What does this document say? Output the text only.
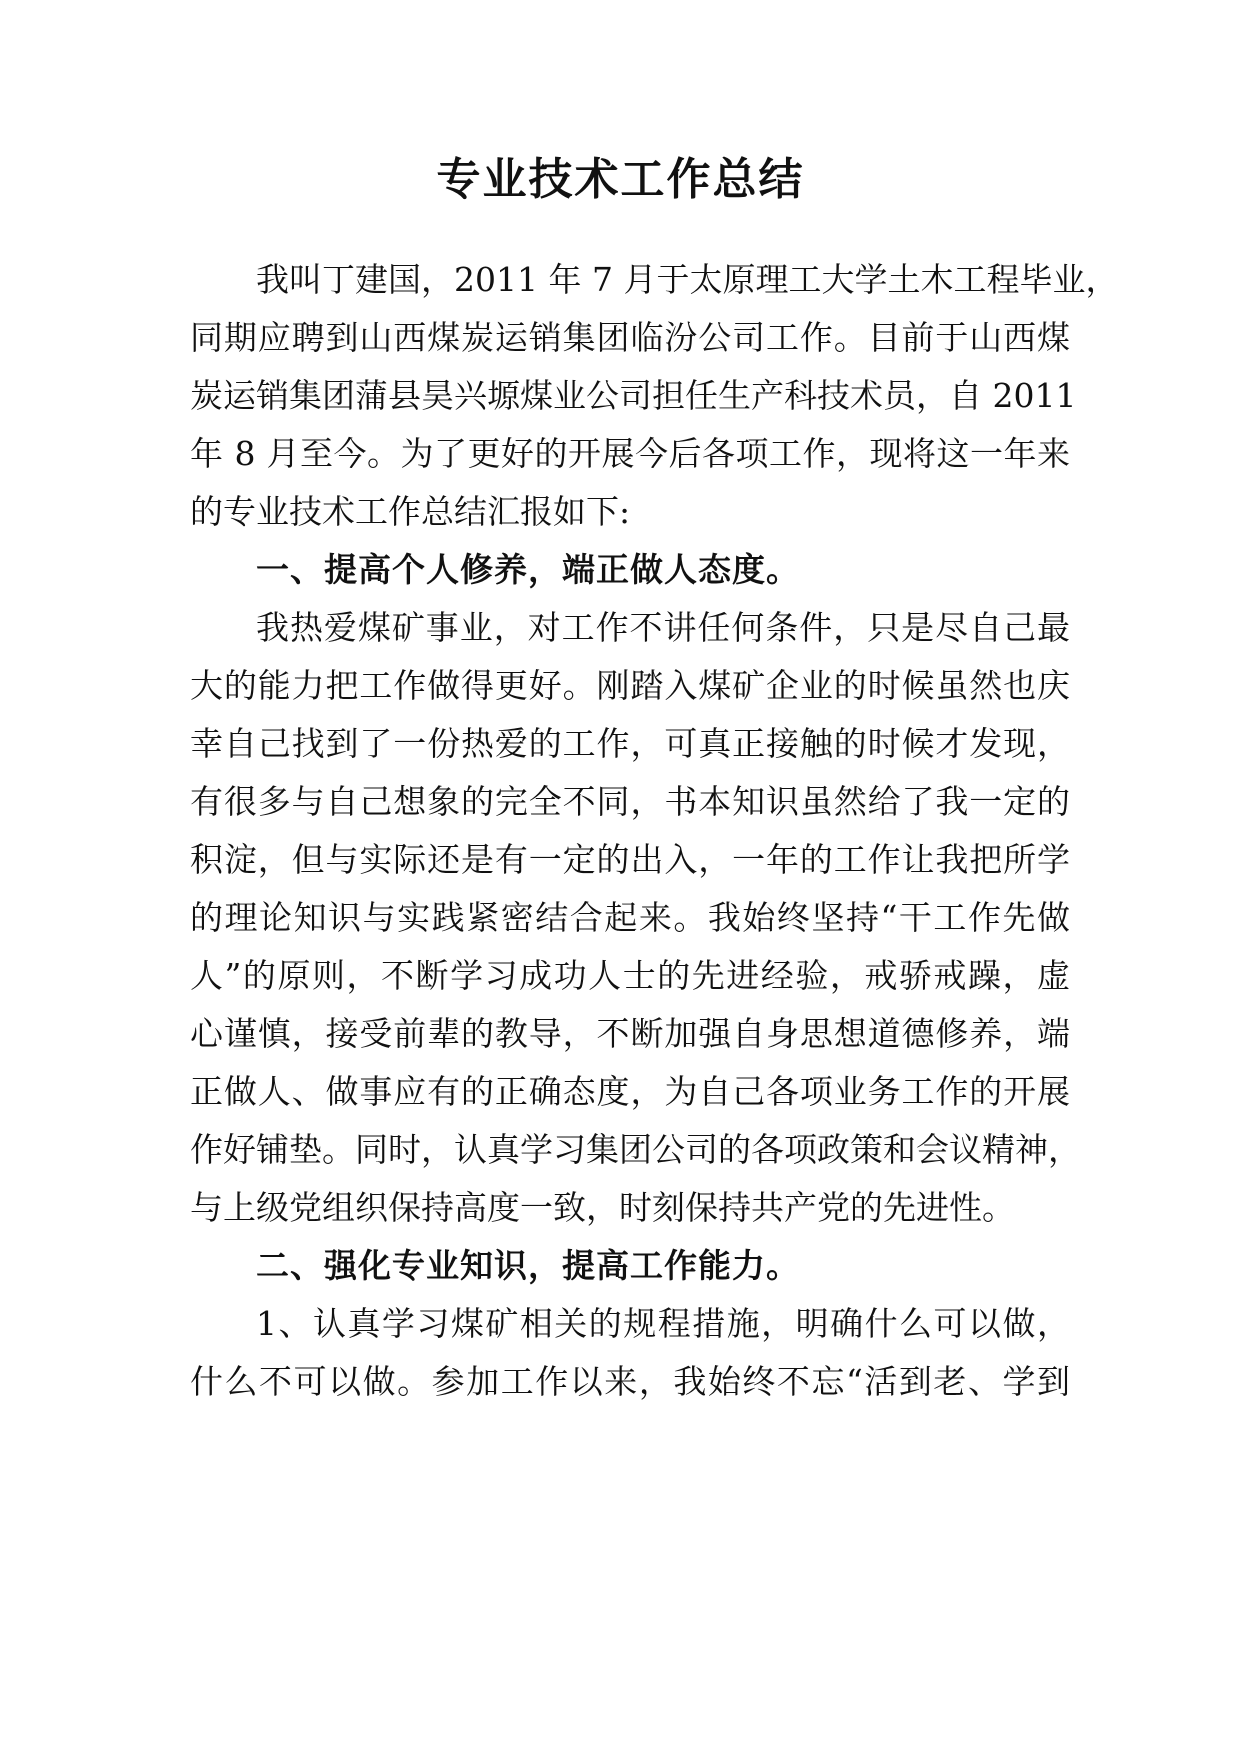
专业技术工作总结
我叫丁建国，2011 年 7 月于太原理工大学土木工程毕业，
同期应聘到山西煤炭运销集团临汾公司工作。目前于山西煤
炭运销集团蒲县昊兴塬煤业公司担任生产科技术员，自 2011
年 8 月至今。为了更好的开展今后各项工作，现将这一年来
的专业技术工作总结汇报如下:
一、提高个人修养，端正做人态度。
我热爱煤矿事业，对工作不讲任何条件，只是尽自己最
大的能力把工作做得更好。刚踏入煤矿企业的时候虽然也庆
幸自己找到了一份热爱的工作，可真正接触的时候才发现，
有很多与自己想象的完全不同，书本知识虽然给了我一定的
积淀，但与实际还是有一定的出入，一年的工作让我把所学
的理论知识与实践紧密结合起来。我始终坚持“干工作先做
人”的原则，不断学习成功人士的先进经验，戒骄戒躁，虚
心谨慎，接受前辈的教导，不断加强自身思想道德修养，端
正做人、做事应有的正确态度，为自己各项业务工作的开展
作好铺垫。同时，认真学习集团公司的各项政策和会议精神，
与上级党组织保持高度一致，时刻保持共产党的先进性。
二、强化专业知识，提高工作能力。
1、认真学习煤矿相关的规程措施，明确什么可以做，
什么不可以做。参加工作以来，我始终不忘“活到老、学到
